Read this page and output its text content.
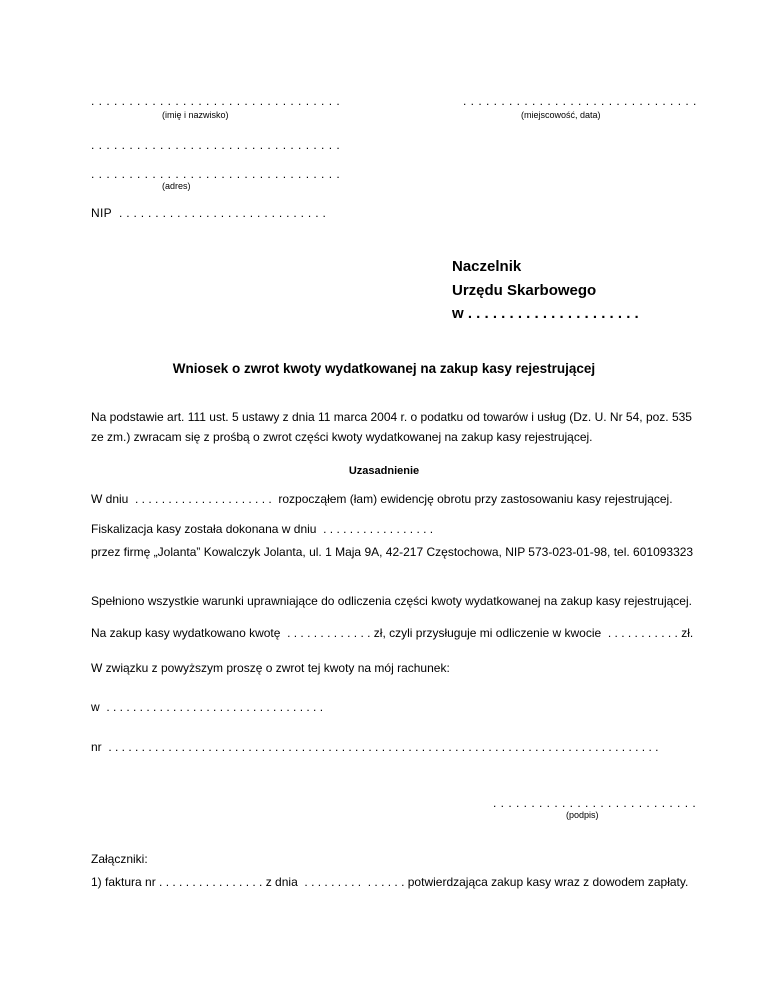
. . . . . . . . . . . . . . . . . . . . . . . . . . . . . . . . .
(imię i nazwisko)
. . . . . . . . . . . . . . . . . . . . . . . . . . . . . . .
(miejscowość, data)
. . . . . . . . . . . . . . . . . . . . . . . . . . . . . . . . .
. . . . . . . . . . . . . . . . . . . . . . . . . . . . . . . . .
(adres)
NIP  . . . . . . . . . . . . . . . . . . . . . . . . . . . . .
Naczelnik
Urzędu Skarbowego
w . . . . . . . . . . . . . . . . . . . . .
Wniosek o zwrot kwoty wydatkowanej na zakup kasy rejestrującej
Na podstawie art. 111 ust. 5 ustawy z dnia 11 marca 2004 r. o podatku od towarów i usług (Dz. U. Nr 54, poz. 535
ze zm.) zwracam się z prośbą o zwrot części kwoty wydatkowanej na zakup kasy rejestrującej.
Uzasadnienie
W dniu  . . . . . . . . . . . . . . . . . . . . .  rozpocząłem (łam) ewidencję obrotu przy zastosowaniu kasy rejestrującej.
Fiskalizacja kasy została dokonana w dniu  . . . . . . . . . . . . . . . . .
przez firmę „Jolanta” Kowalczyk Jolanta, ul. 1 Maja 9A, 42-217 Częstochowa, NIP 573-023-01-98, tel. 601093323
Spełniono wszystkie warunki uprawniające do odliczenia części kwoty wydatkowanej na zakup kasy rejestrującej.
Na zakup kasy wydatkowano kwotę  . . . . . . . . . . . . . zł, czyli przysługuje mi odliczenie w kwocie  . . . . . . . . . . . zł.
W związku z powyższym proszę o zwrot tej kwoty na mój rachunek:
w  . . . . . . . . . . . . . . . . . . . . . . . . . . . . . . . . .
nr  . . . . . . . . . . . . . . . . . . . . . . . . . . . . . . . . . . . . . . . . . . . . . . . . . . . . . . . . . . . . . . . . . . . . . . . . . . . . . . . . . . .
. . . . . . . . . . . . . . . . . . . . . . . . . . .
(podpis)
Załączniki:
1) faktura nr . . . . . . . . . . . . . . . . z dnia  . . . . . . . . .  . . . . . . potwierdzająca zakup kasy wraz z dowodem zapłaty.
